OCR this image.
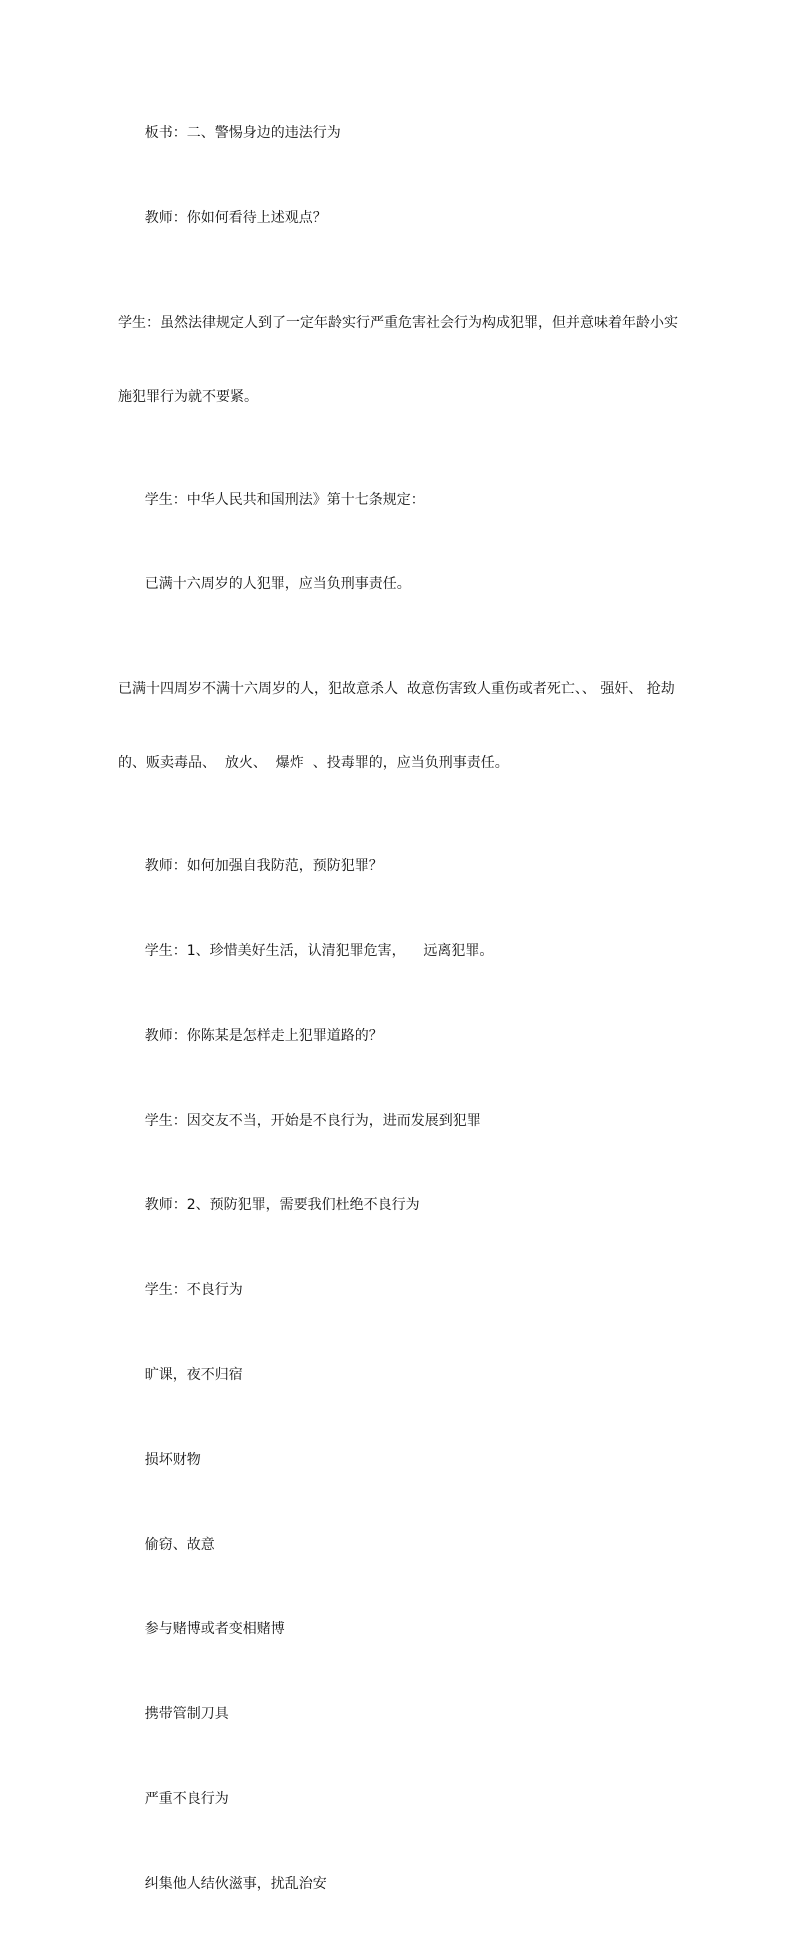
板书：二、警惕身边的违法行为

教师：你如何看待上述观点？

学生：虽然法律规定人到了一定年龄实行严重危害社会行为构成犯罪，但并意味着年龄小实

施犯罪行为就不要紧。

学生：中华人民共和国刑法》第十七条规定：

已满十六周岁的人犯罪，应当负刑事责任。

已满十四周岁不满十六周岁的人，犯故意杀人  故意伤害致人重伤或者死亡、、 强奸、 抢劫

的、贩卖毒品、  放火、  爆炸  、投毒罪的，应当负刑事责任。

教师：如何加强自我防范，预防犯罪？

学生：1、珍惜美好生活，认清犯罪危害，    远离犯罪。

教师：你陈某是怎样走上犯罪道路的？

学生：因交友不当，开始是不良行为，进而发展到犯罪

教师：2、预防犯罪，需要我们杜绝不良行为

学生：不良行为

旷课，夜不归宿

损坏财物

偷窃、故意

参与赌博或者变相赌博

携带管制刀具

严重不良行为

纠集他人结伙滋事，扰乱治安
